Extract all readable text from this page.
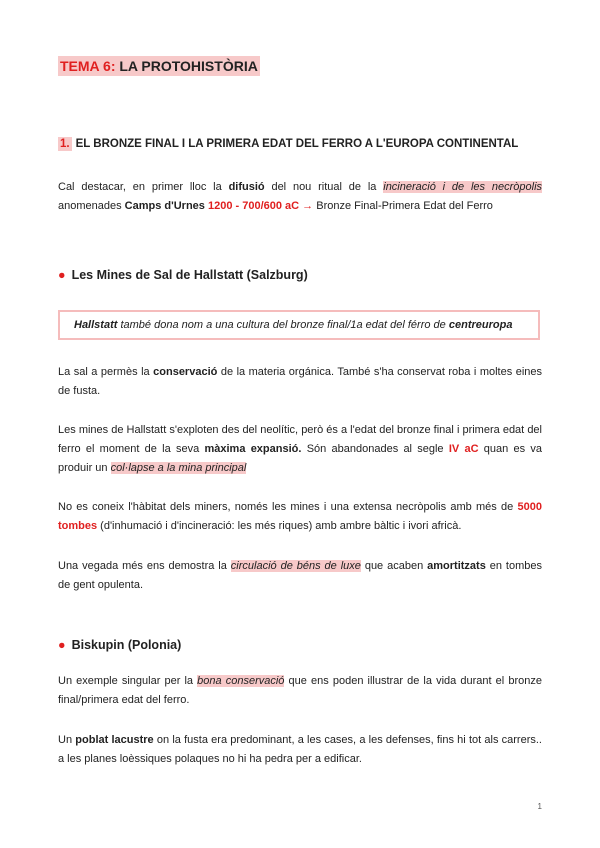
TEMA 6: LA PROTOHISTÒRIA
1. EL BRONZE FINAL I LA PRIMERA EDAT DEL FERRO A L'EUROPA CONTINENTAL
Cal destacar, en primer lloc la difusió del nou ritual de la incineració i de les necròpolis anomenades Camps d'Urnes 1200 - 700/600 aC → Bronze Final-Primera Edat del Ferro
● Les Mines de Sal de Hallstatt (Salzburg)
Hallstatt també dona nom a una cultura del bronze final/1a edat del férro de centreuropa
La sal a permès la conservació de la materia orgánica. També s'ha conservat roba i moltes eines de fusta.
Les mines de Hallstatt s'exploten des del neolític, però és a l'edat del bronze final i primera edat del ferro el moment de la seva màxima expansió. Són abandonades al segle IV aC quan es va produir un col·lapse a la mina principal
No es coneix l'hàbitat dels miners, només les mines i una extensa necròpolis amb més de 5000 tombes (d'inhumació i d'incineració: les més riques) amb ambre bàltic i ivori africà.
Una vegada més ens demostra la circulació de béns de luxe que acaben amortitzats en tombes de gent opulenta.
● Biskupin (Polonia)
Un exemple singular per la bona conservació que ens poden illustrar de la vida durant el bronze final/primera edat del ferro.
Un poblat lacustre on la fusta era predominant, a les cases, a les defenses, fins hi tot als carrers.. a les planes loèssiques polaques no hi ha pedra per a edificar.
1
